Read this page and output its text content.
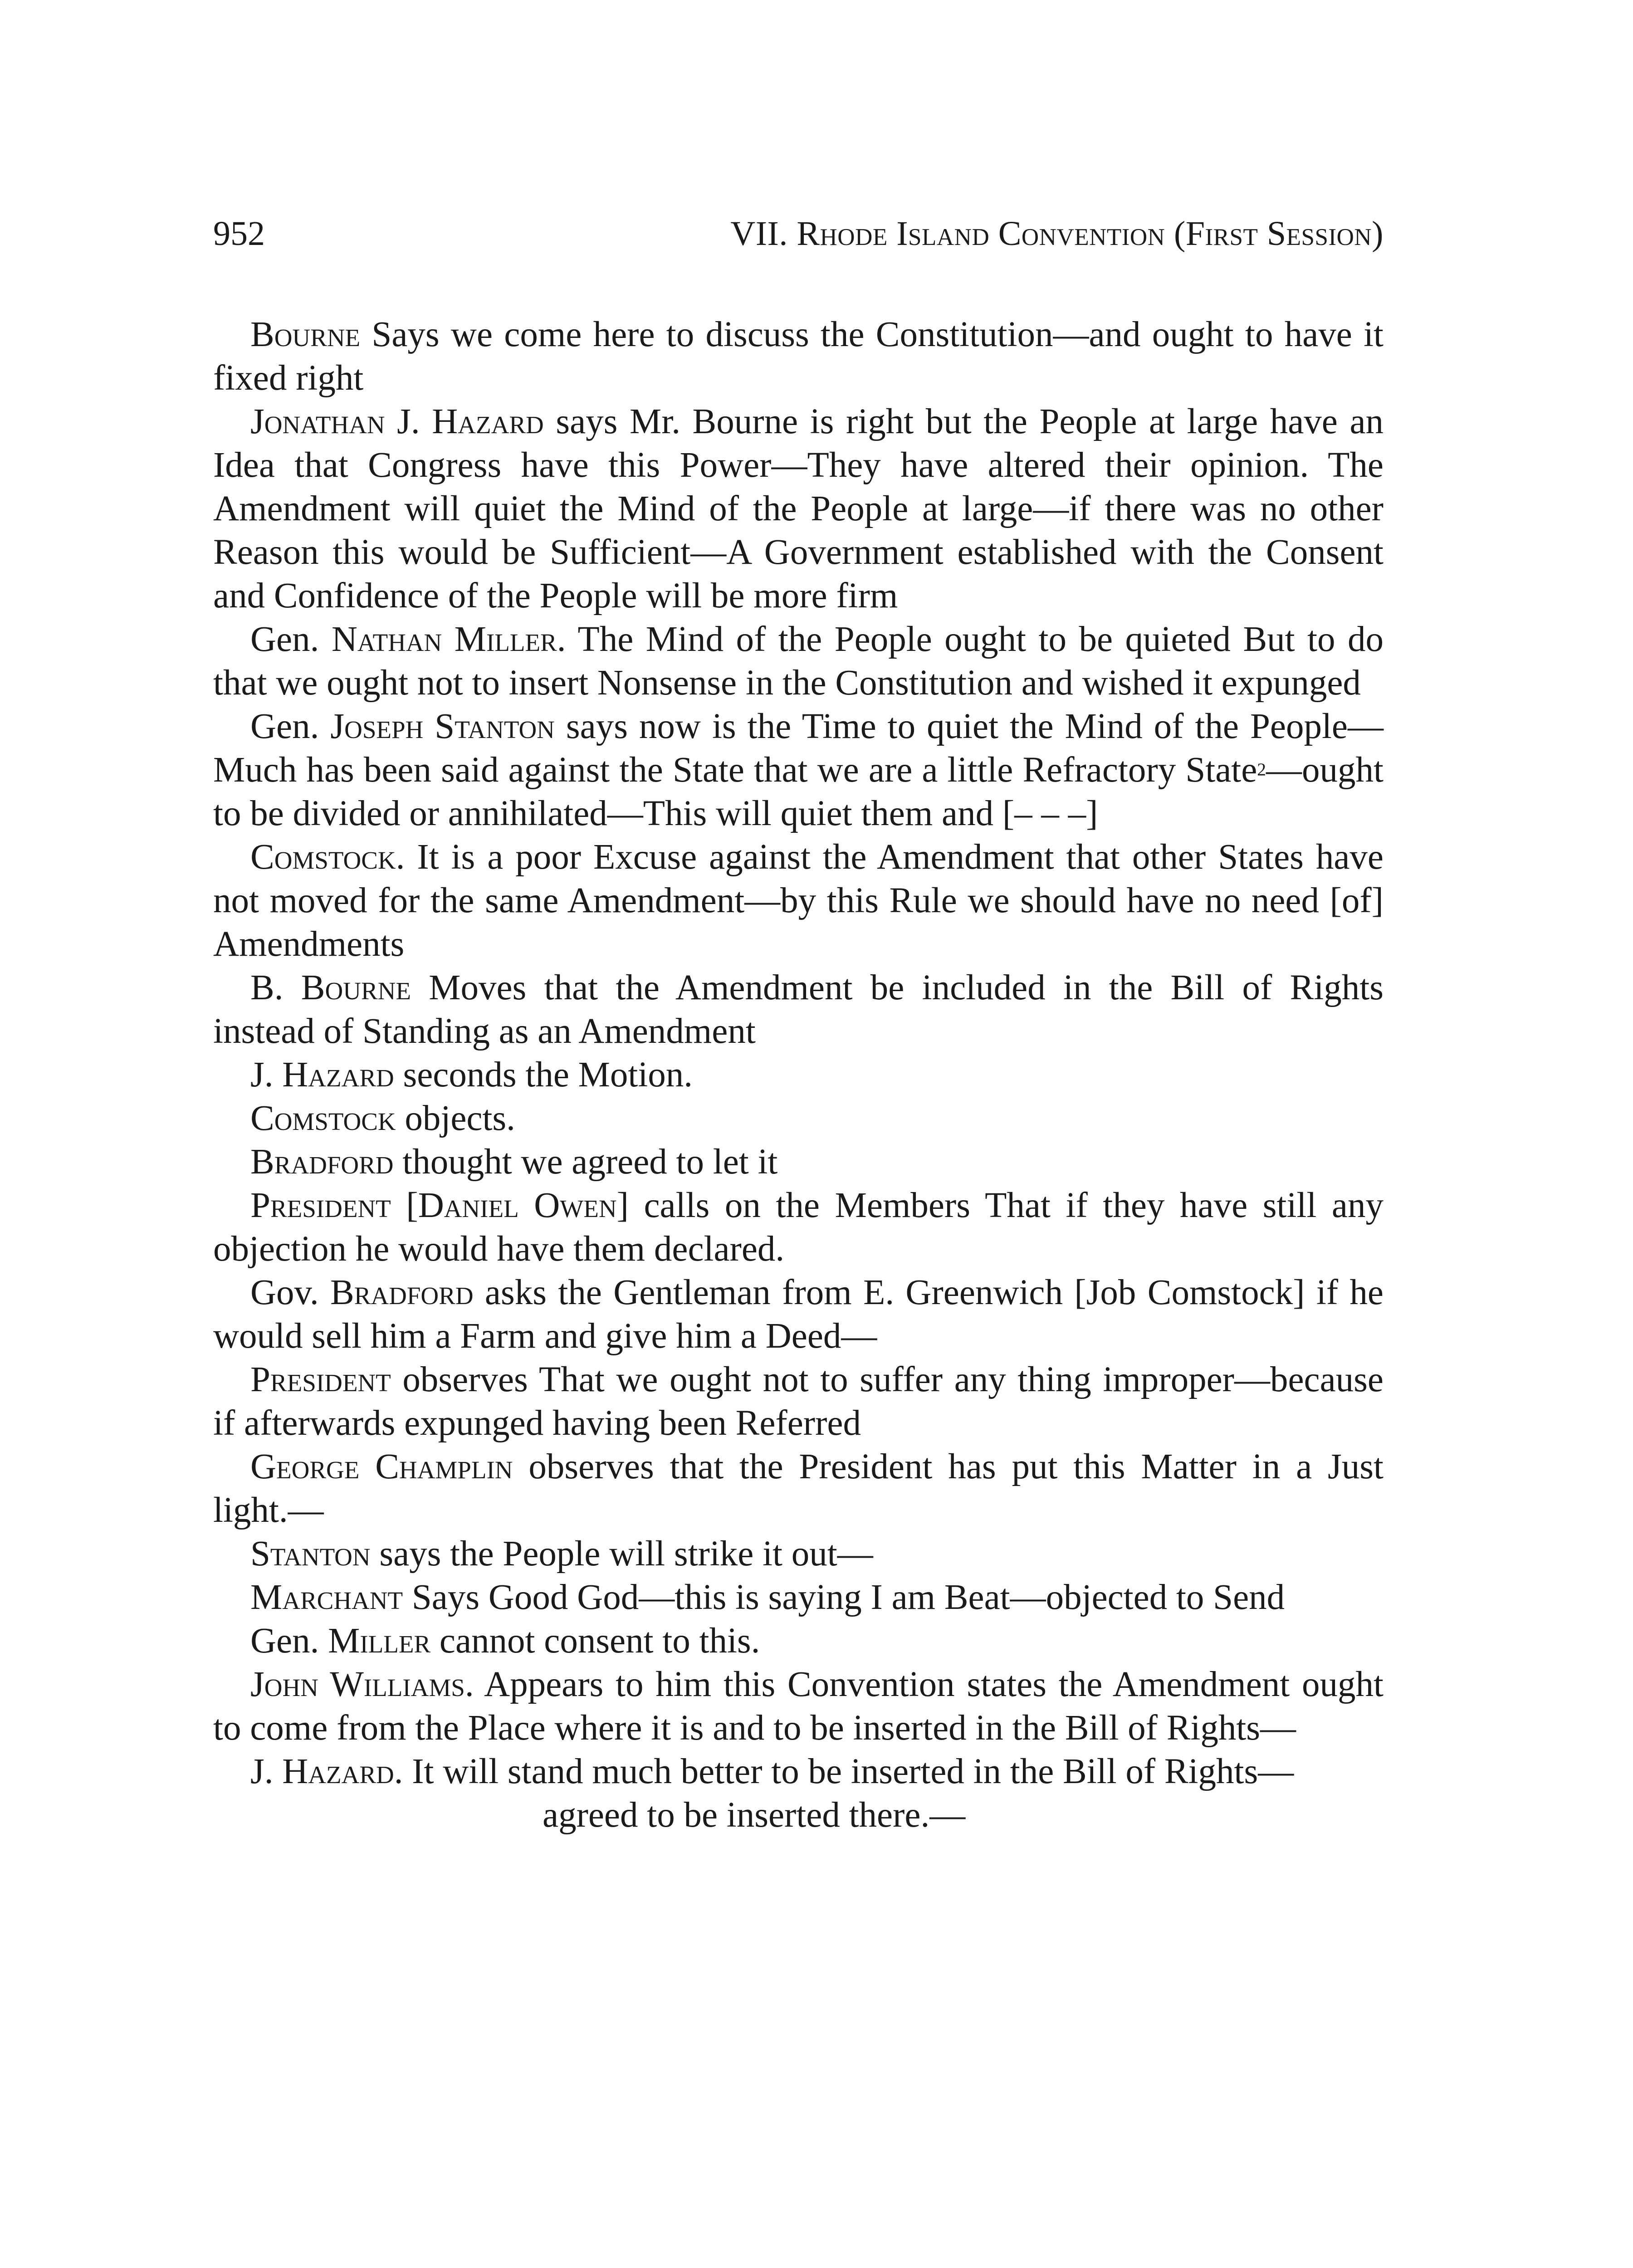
952	VII. Rhode Island Convention (First Session)

Bourne Says we come here to discuss the Constitution—and ought to have it fixed right

Jonathan J. Hazard says Mr. Bourne is right but the People at large have an Idea that Congress have this Power—They have altered their opinion. The Amendment will quiet the Mind of the People at large—if there was no other Reason this would be Sufficient—A Government established with the Consent and Confidence of the People will be more firm

Gen. Nathan Miller. The Mind of the People ought to be quieted But to do that we ought not to insert Nonsense in the Constitution and wished it expunged

Gen. Joseph Stanton says now is the Time to quiet the Mind of the People—Much has been said against the State that we are a little Refractory State$^2$—ought to be divided or annihilated—This will quiet them and [– – –]

Comstock. It is a poor Excuse against the Amendment that other States have not moved for the same Amendment—by this Rule we should have no need [of] Amendments

B. Bourne Moves that the Amendment be included in the Bill of Rights instead of Standing as an Amendment

J. Hazard seconds the Motion.

Comstock objects.

Bradford thought we agreed to let it

President [Daniel Owen] calls on the Members That if they have still any objection he would have them declared.

Gov. Bradford asks the Gentleman from E. Greenwich [Job Comstock] if he would sell him a Farm and give him a Deed—

President observes That we ought not to suffer any thing improper—because if afterwards expunged having been Referred

George Champlin observes that the President has put this Matter in a Just light.—

Stanton says the People will strike it out—

Marchant Says Good God—this is saying I am Beat—objected to Send

Gen. Miller cannot consent to this.

John Williams. Appears to him this Convention states the Amendment ought to come from the Place where it is and to be inserted in the Bill of Rights—

J. Hazard. It will stand much better to be inserted in the Bill of Rights—

agreed to be inserted there.—
